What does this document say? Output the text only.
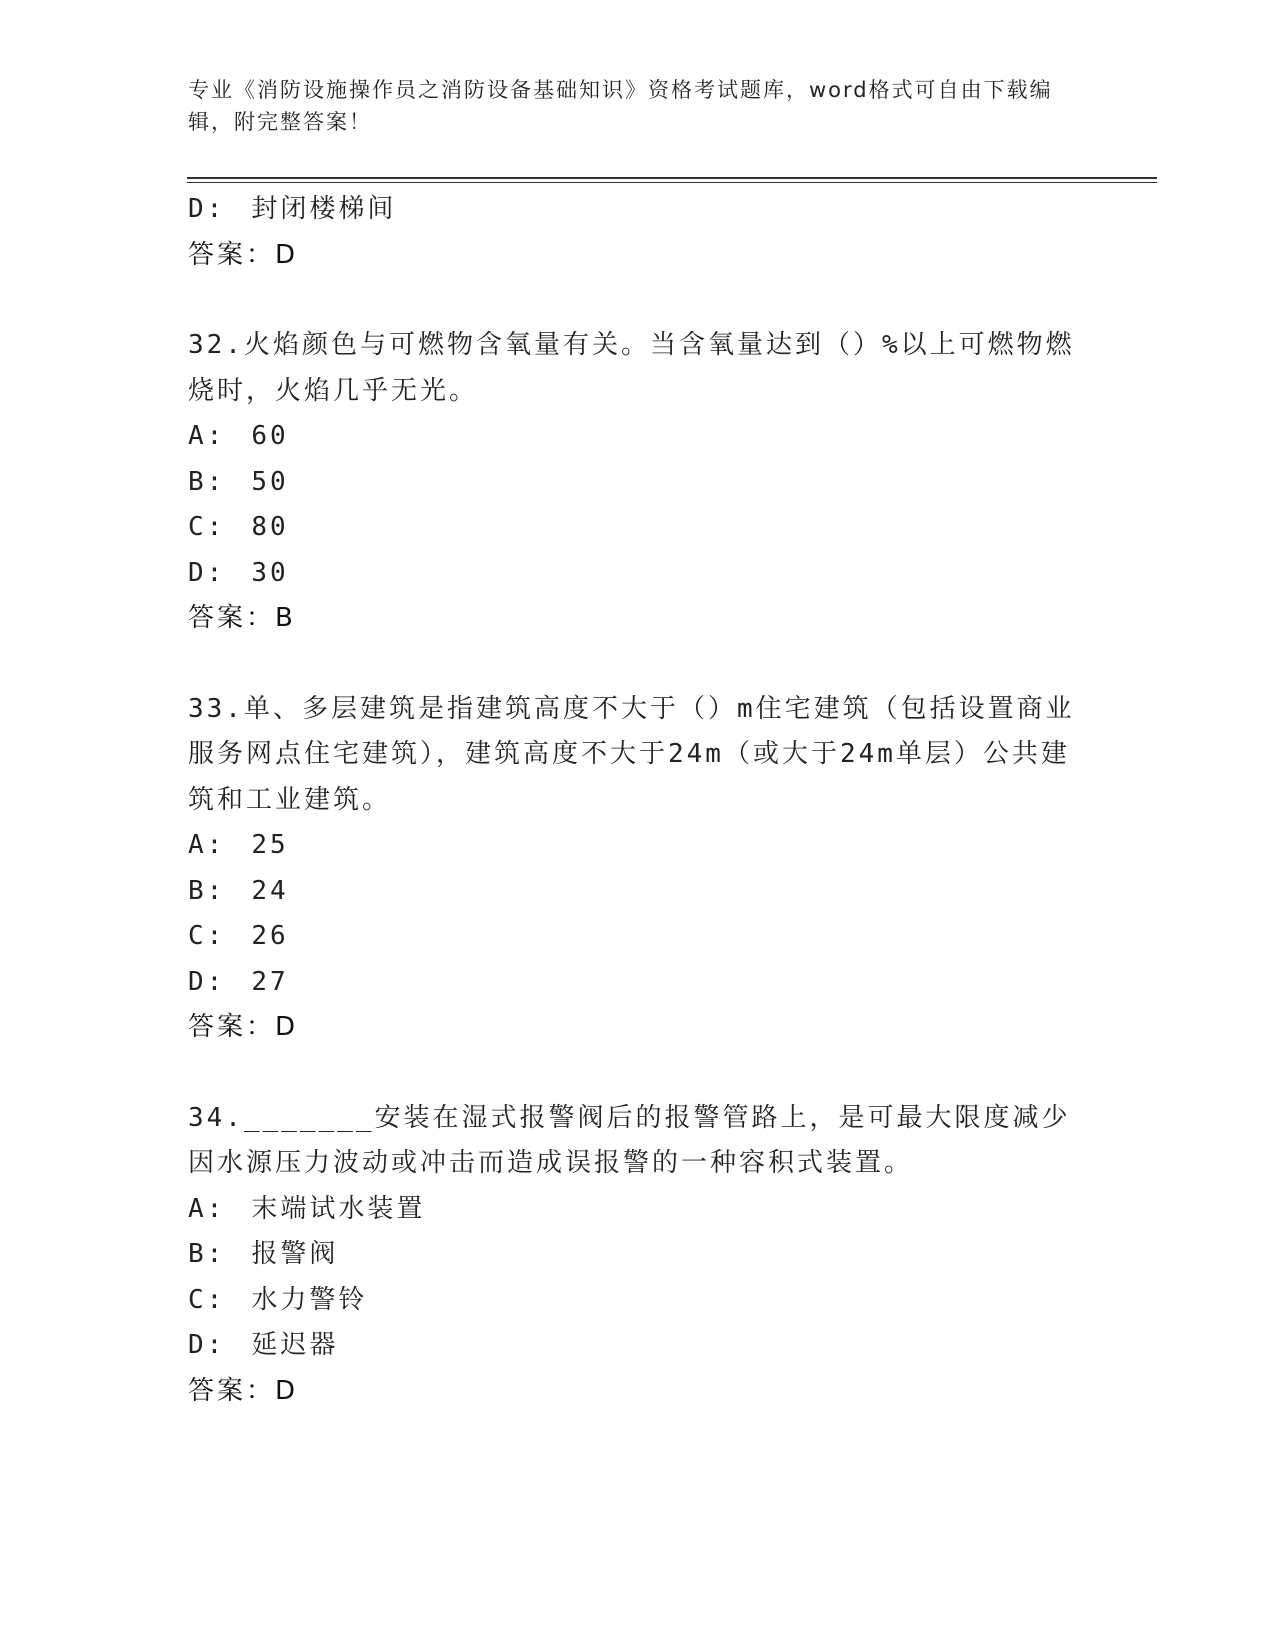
专业《消防设施操作员之消防设备基础知识》资格考试题库，word格式可自由下载编辑，附完整答案！
D: 封闭楼梯间
答案：D
32.火焰颜色与可燃物含氧量有关。当含氧量达到（）%以上可燃物燃烧时，火焰几乎无光。
A: 60
B: 50
C: 80
D: 30
答案：B
33.单、多层建筑是指建筑高度不大于（）m住宅建筑（包括设置商业服务网点住宅建筑），建筑高度不大于24m（或大于24m单层）公共建筑和工业建筑。
A: 25
B: 24
C: 26
D: 27
答案：D
34._______安装在湿式报警阀后的报警管路上，是可最大限度减少因水源压力波动或冲击而造成误报警的一种容积式装置。
A: 末端试水装置
B: 报警阀
C: 水力警铃
D: 延迟器
答案：D
